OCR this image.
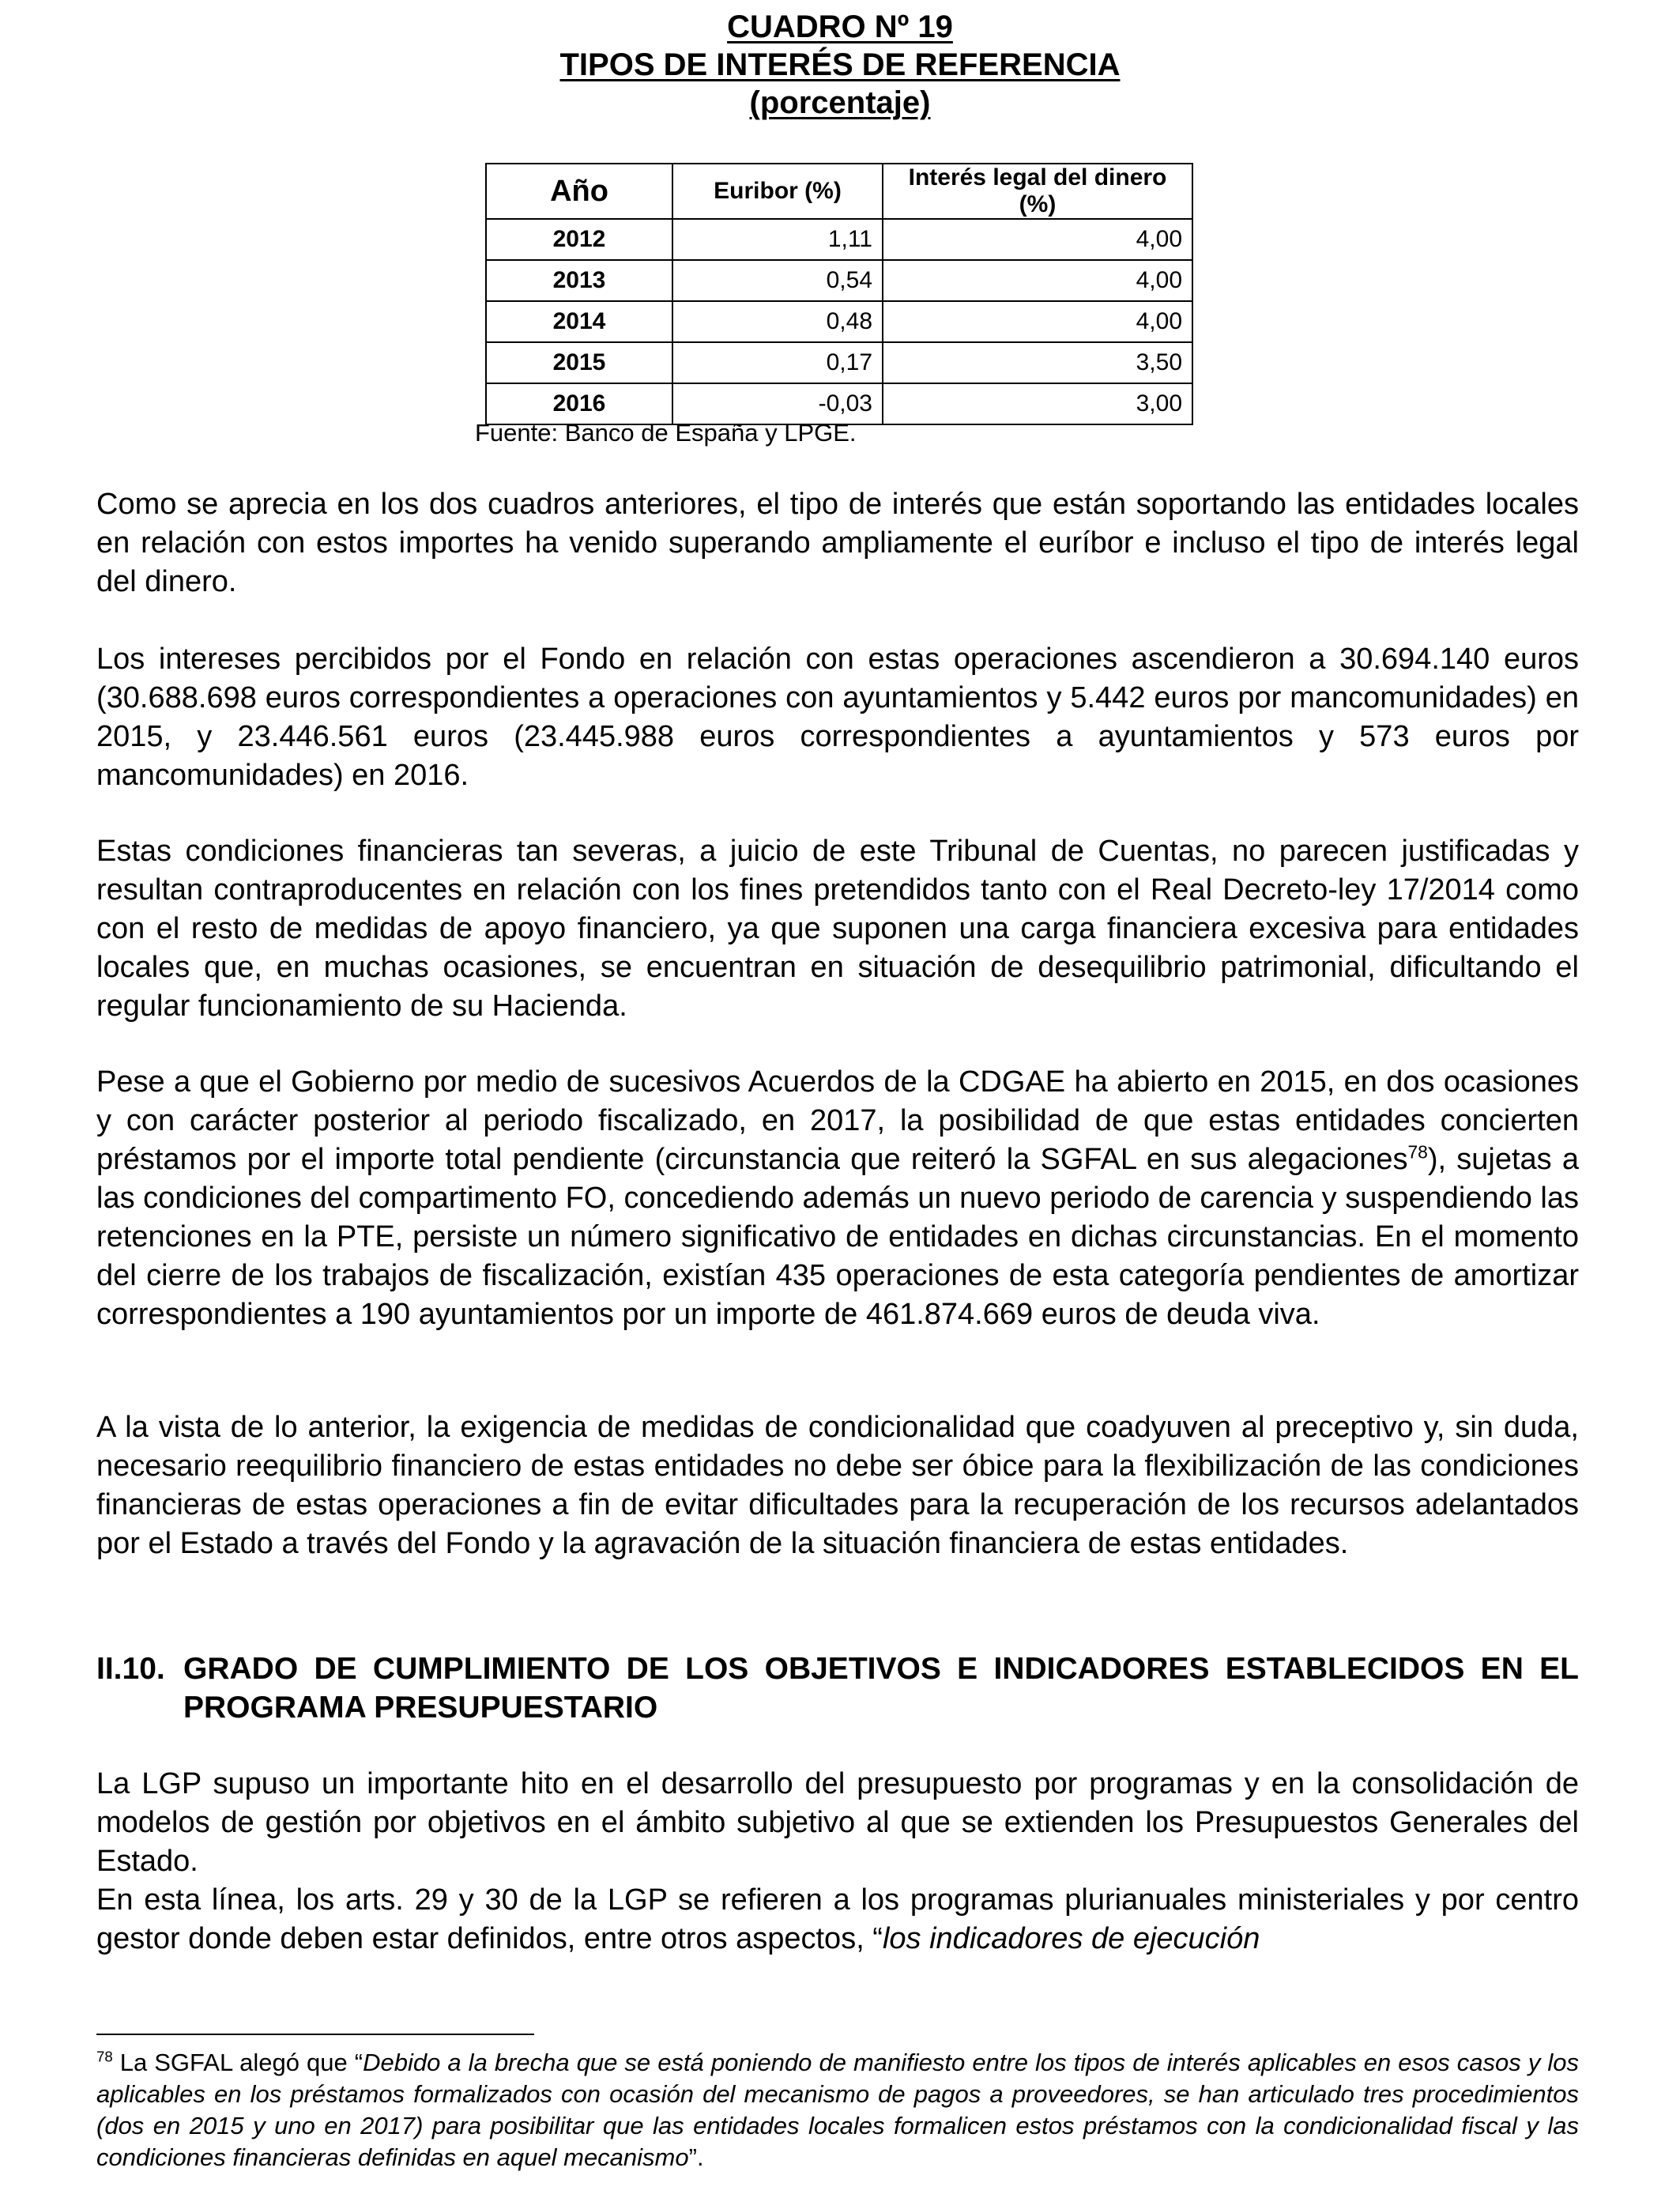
CUADRO Nº 19
TIPOS DE INTERÉS DE REFERENCIA
(porcentaje)
Año	Euribor (%)	Interés legal del dinero (%)
2012	1,11	4,00
2013	0,54	4,00
2014	0,48	4,00
2015	0,17	3,50
2016	-0,03	3,00
Fuente: Banco de España y LPGE.

Como se aprecia en los dos cuadros anteriores, el tipo de interés que están soportando las entidades locales en relación con estos importes ha venido superando ampliamente el euríbor e incluso el tipo de interés legal del dinero.

Los intereses percibidos por el Fondo en relación con estas operaciones ascendieron a 30.694.140 euros (30.688.698 euros correspondientes a operaciones con ayuntamientos y 5.442 euros por mancomunidades) en 2015, y 23.446.561 euros (23.445.988 euros correspondientes a ayuntamientos y 573 euros por mancomunidades) en 2016.

Estas condiciones financieras tan severas, a juicio de este Tribunal de Cuentas, no parecen justificadas y resultan contraproducentes en relación con los fines pretendidos tanto con el Real Decreto-ley 17/2014 como con el resto de medidas de apoyo financiero, ya que suponen una carga financiera excesiva para entidades locales que, en muchas ocasiones, se encuentran en situación de desequilibrio patrimonial, dificultando el regular funcionamiento de su Hacienda.

Pese a que el Gobierno por medio de sucesivos Acuerdos de la CDGAE ha abierto en 2015, en dos ocasiones y con carácter posterior al periodo fiscalizado, en 2017, la posibilidad de que estas entidades concierten préstamos por el importe total pendiente (circunstancia que reiteró la SGFAL en sus alegaciones$^{78}$), sujetas a las condiciones del compartimento FO, concediendo además un nuevo periodo de carencia y suspendiendo las retenciones en la PTE, persiste un número significativo de entidades en dichas circunstancias. En el momento del cierre de los trabajos de fiscalización, existían 435 operaciones de esta categoría pendientes de amortizar correspondientes a 190 ayuntamientos por un importe de 461.874.669 euros de deuda viva.

A la vista de lo anterior, la exigencia de medidas de condicionalidad que coadyuven al preceptivo y, sin duda, necesario reequilibrio financiero de estas entidades no debe ser óbice para la flexibilización de las condiciones financieras de estas operaciones a fin de evitar dificultades para la recuperación de los recursos adelantados por el Estado a través del Fondo y la agravación de la situación financiera de estas entidades.

II.10. GRADO DE CUMPLIMIENTO DE LOS OBJETIVOS E INDICADORES ESTABLECIDOS EN EL PROGRAMA PRESUPUESTARIO

La LGP supuso un importante hito en el desarrollo del presupuesto por programas y en la consolidación de modelos de gestión por objetivos en el ámbito subjetivo al que se extienden los Presupuestos Generales del Estado.

En esta línea, los arts. 29 y 30 de la LGP se refieren a los programas plurianuales ministeriales y por centro gestor donde deben estar definidos, entre otros aspectos, “los indicadores de ejecución

$^{78}$ La SGFAL alegó que “Debido a la brecha que se está poniendo de manifiesto entre los tipos de interés aplicables en esos casos y los aplicables en los préstamos formalizados con ocasión del mecanismo de pagos a proveedores, se han articulado tres procedimientos (dos en 2015 y uno en 2017) para posibilitar que las entidades locales formalicen estos préstamos con la condicionalidad fiscal y las condiciones financieras definidas en aquel mecanismo”.
